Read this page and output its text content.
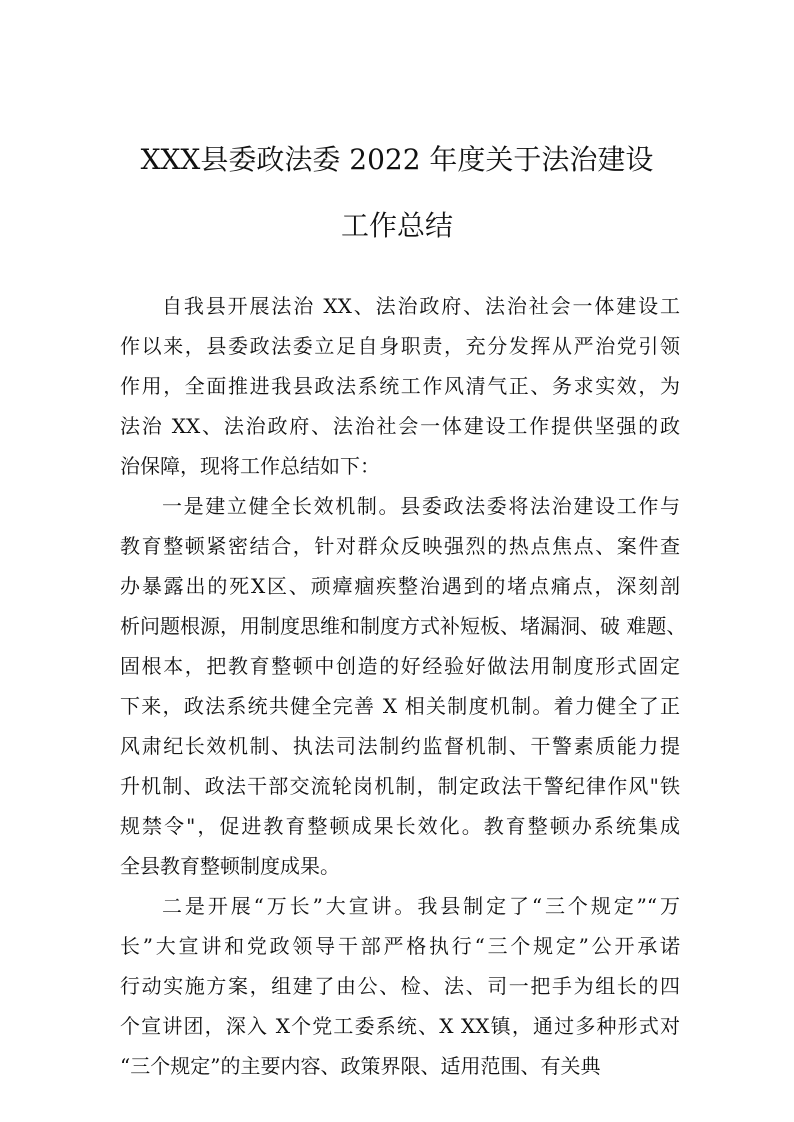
XXX县委政法委 2022 年度关于法治建设
工作总结
自我县开展法治 XX、法治政府、法治社会一体建设工
作以来，县委政法委立足自身职责，充分发挥从严治党引领
作用，全面推进我县政法系统工作风清气正、务求实效，为
法治 XX、法治政府、法治社会一体建设工作提供坚强的政
治保障，现将工作总结如下：
一是建立健全长效机制。县委政法委将法治建设工作与
教育整顿紧密结合，针对群众反映强烈的热点焦点、案件查
办暴露出的死X区、顽瘴痼疾整治遇到的堵点痛点，深刻剖
析问题根源，用制度思维和制度方式补短板、堵漏洞、破 难题、
固根本，把教育整顿中创造的好经验好做法用制度形式固定
下来，政法系统共健全完善 X 相关制度机制。着力健全了正
风肃纪长效机制、执法司法制约监督机制、干警素质能力提
升机制、政法干部交流轮岗机制，制定政法干警纪律作风"铁
规禁令"，促进教育整顿成果长效化。教育整顿办系统集成
全县教育整顿制度成果。
二是开展“万长”大宣讲。我县制定了“三个规定”“万
长”大宣讲和党政领导干部严格执行“三个规定”公开承诺
行动实施方案，组建了由公、检、法、司一把手为组长的四
个宣讲团，深入 X个党工委系统、X XX镇，通过多种形式对
“三个规定”的主要内容、政策界限、适用范围、有关典
